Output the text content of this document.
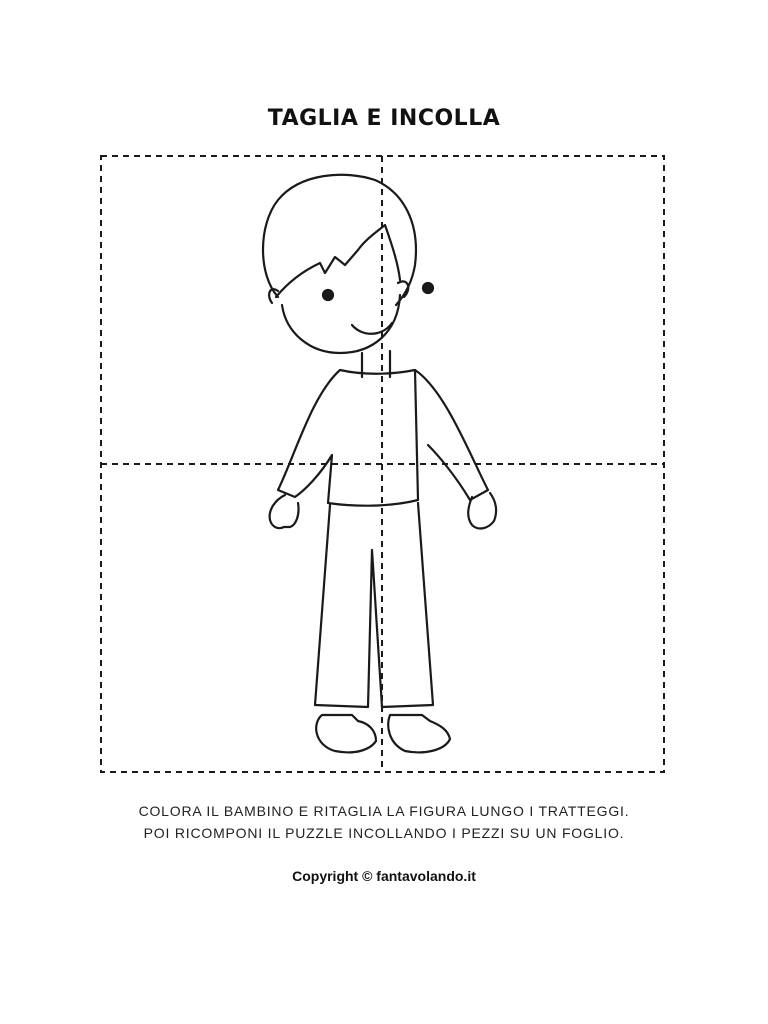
TAGLIA E INCOLLA
COLORA IL BAMBINO E RITAGLIA LA FIGURA LUNGO I TRATTEGGI.
POI RICOMPONI IL PUZZLE INCOLLANDO I PEZZI SU UN FOGLIO.
Copyright © fantavolando.it
